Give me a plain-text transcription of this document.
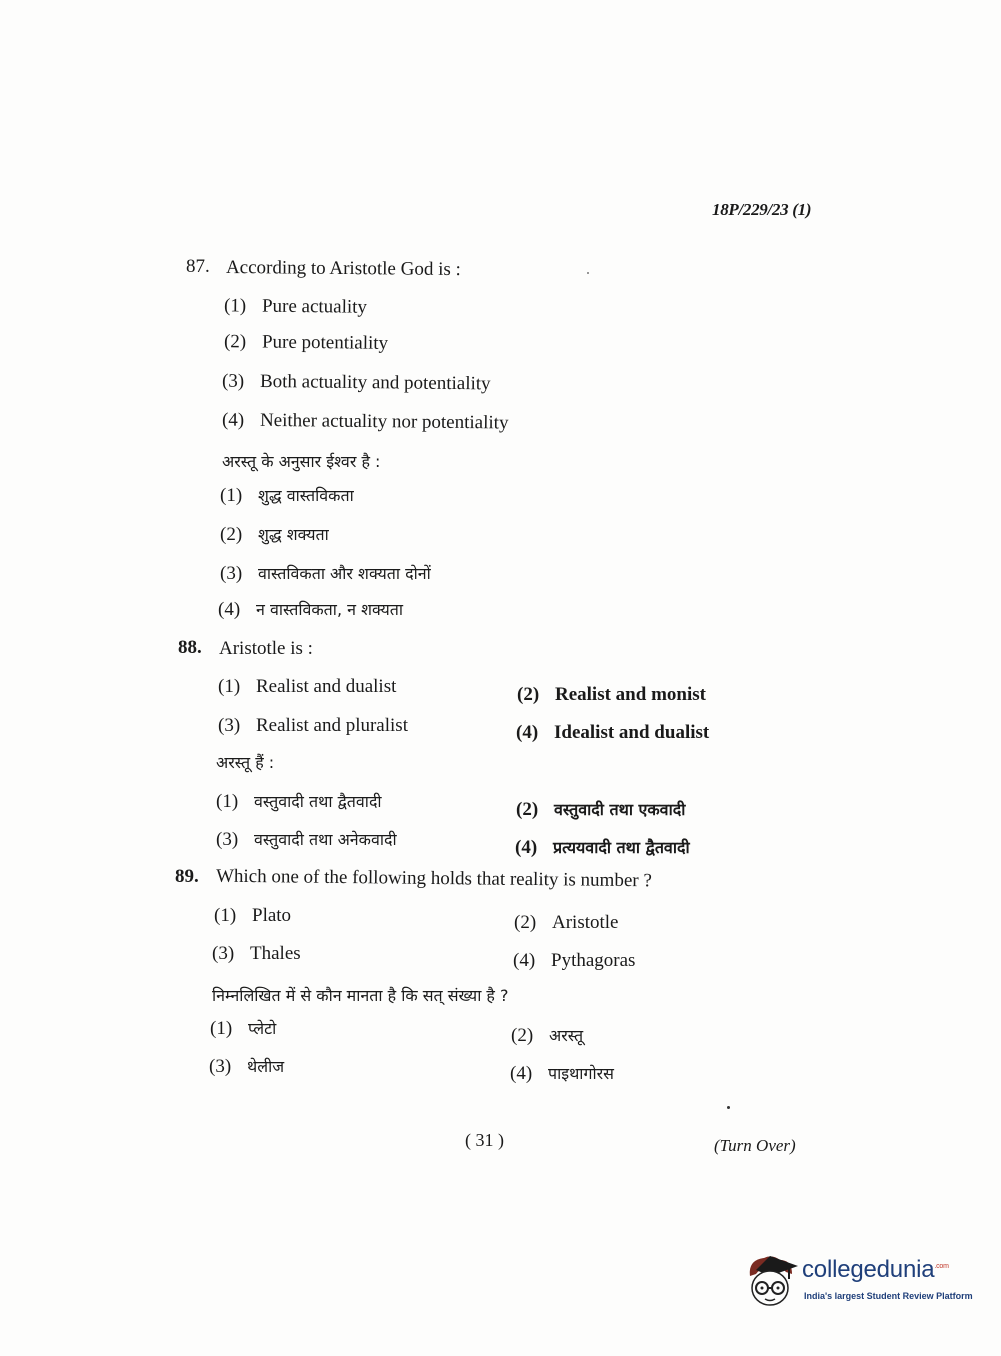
18P/229/23 (1)
87. According to Aristotle God is :
(1) Pure actuality
(2) Pure potentiality
(3) Both actuality and potentiality
(4) Neither actuality nor potentiality
अरस्तू के अनुसार ईश्वर है :
(1) शुद्ध वास्तविकता
(2) शुद्ध शक्यता
(3) वास्तविकता और शक्यता दोनों
(4) न वास्तविकता, न शक्यता
88. Aristotle is :
(1) Realist and dualist	(2) Realist and monist
(3) Realist and pluralist	(4) Idealist and dualist
अरस्तू हैं :
(1) वस्तुवादी तथा द्वैतवादी	(2) वस्तुवादी तथा एकवादी
(3) वस्तुवादी तथा अनेकवादी	(4) प्रत्ययवादी तथा द्वैतवादी
89. Which one of the following holds that reality is number ?
(1) Plato	(2) Aristotle
(3) Thales	(4) Pythagoras
निम्नलिखित में से कौन मानता है कि सत् संख्या है ?
(1) प्लेटो	(2) अरस्तू
(3) थेलीज	(4) पाइथागोरस
( 31 )	(Turn Over)
collegedunia$^{.com}$
India's largest Student Review Platform
